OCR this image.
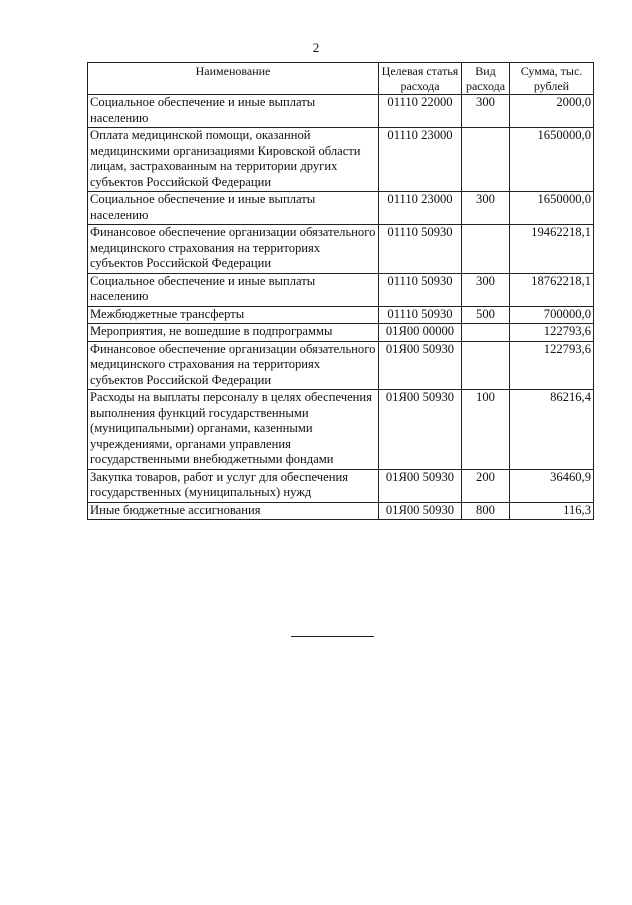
2
Наименование	Целевая статья расхода	Вид расхода	Сумма, тыс. рублей
Социальное обеспечение и иные выплаты населению	01110 22000	300	2000,0
Оплата медицинской помощи, оказанной медицинскими организациями Кировской области лицам, застрахованным на территории других субъектов Российской Федерации	01110 23000		1650000,0
Социальное обеспечение и иные выплаты населению	01110 23000	300	1650000,0
Финансовое обеспечение организации обязательного медицинского страхования на территориях субъектов Российской Федерации	01110 50930		19462218,1
Социальное обеспечение и иные выплаты населению	01110 50930	300	18762218,1
Межбюджетные трансферты	01110 50930	500	700000,0
Мероприятия, не вошедшие в подпрограммы	01Я00 00000		122793,6
Финансовое обеспечение организации обязательного медицинского страхования на территориях субъектов Российской Федерации	01Я00 50930		122793,6
Расходы на выплаты персоналу в целях обеспечения выполнения функций государственными (муниципальными) органами, казенными учреждениями, органами управления государственными внебюджетными фондами	01Я00 50930	100	86216,4
Закупка товаров, работ и услуг для обеспечения государственных (муниципальных) нужд	01Я00 50930	200	36460,9
Иные бюджетные ассигнования	01Я00 50930	800	116,3
